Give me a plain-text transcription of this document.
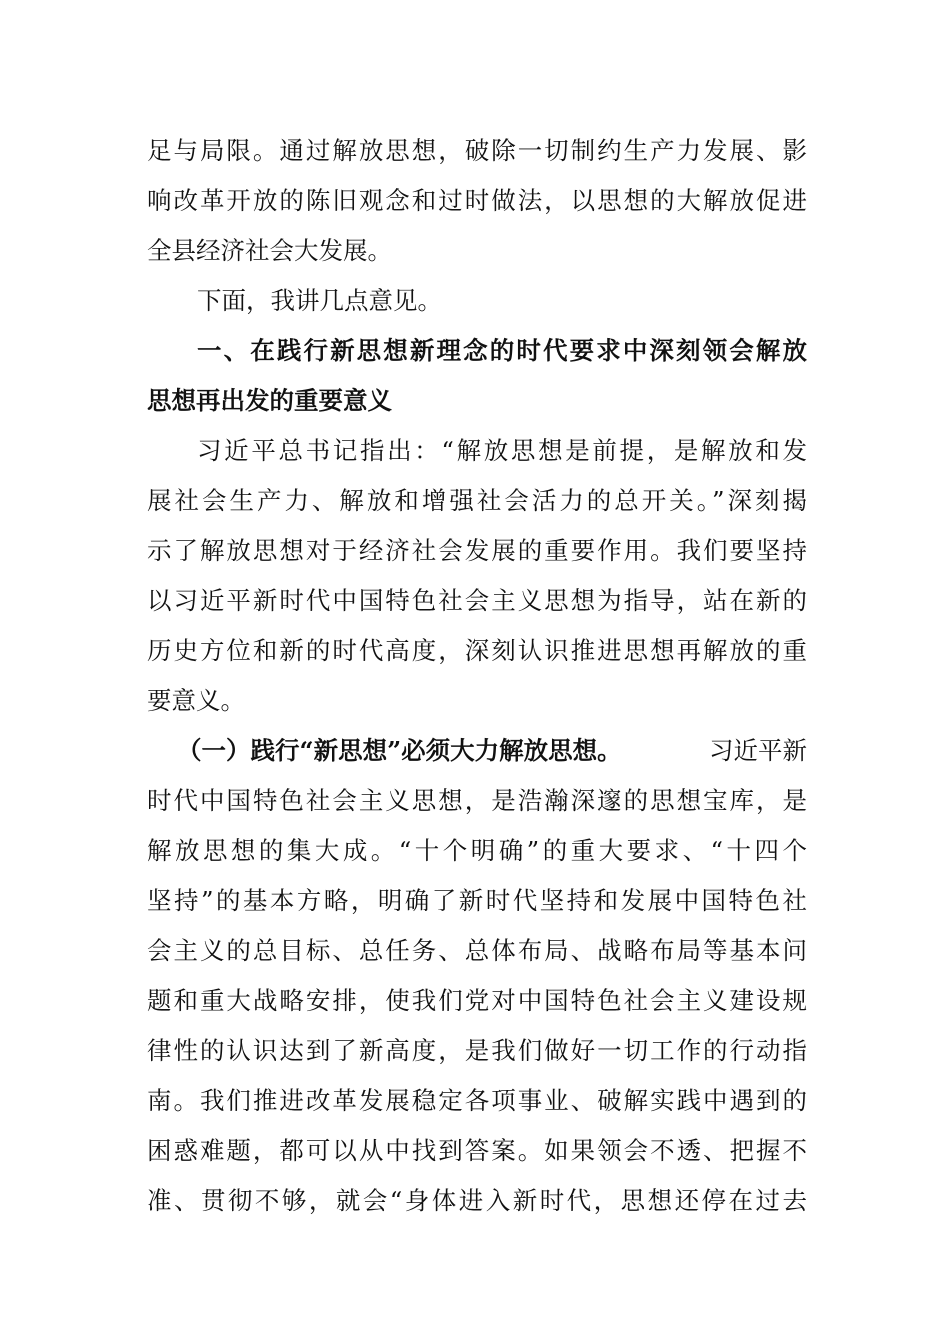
足与局限。通过解放思想，破除一切制约生产力发展、影
响改革开放的陈旧观念和过时做法，以思想的大解放促进
全县经济社会大发展。
下面，我讲几点意见。
一、在践行新思想新理念的时代要求中深刻领会解放
思想再出发的重要意义
习近平总书记指出：“解放思想是前提，是解放和发
展社会生产力、解放和增强社会活力的总开关。”深刻揭
示了解放思想对于经济社会发展的重要作用。我们要坚持
以习近平新时代中国特色社会主义思想为指导，站在新的
历史方位和新的时代高度，深刻认识推进思想再解放的重
要意义。
（一）践行“新思想”必须大力解放思想。	习近平新
时代中国特色社会主义思想，是浩瀚深邃的思想宝库，是
解放思想的集大成。“十个明确”的重大要求、“十四个
坚持”的基本方略，明确了新时代坚持和发展中国特色社
会主义的总目标、总任务、总体布局、战略布局等基本问
题和重大战略安排，使我们党对中国特色社会主义建设规
律性的认识达到了新高度，是我们做好一切工作的行动指
南。我们推进改革发展稳定各项事业、破解实践中遇到的
困惑难题，都可以从中找到答案。如果领会不透、把握不
准、贯彻不够，就会“身体进入新时代，思想还停在过去
